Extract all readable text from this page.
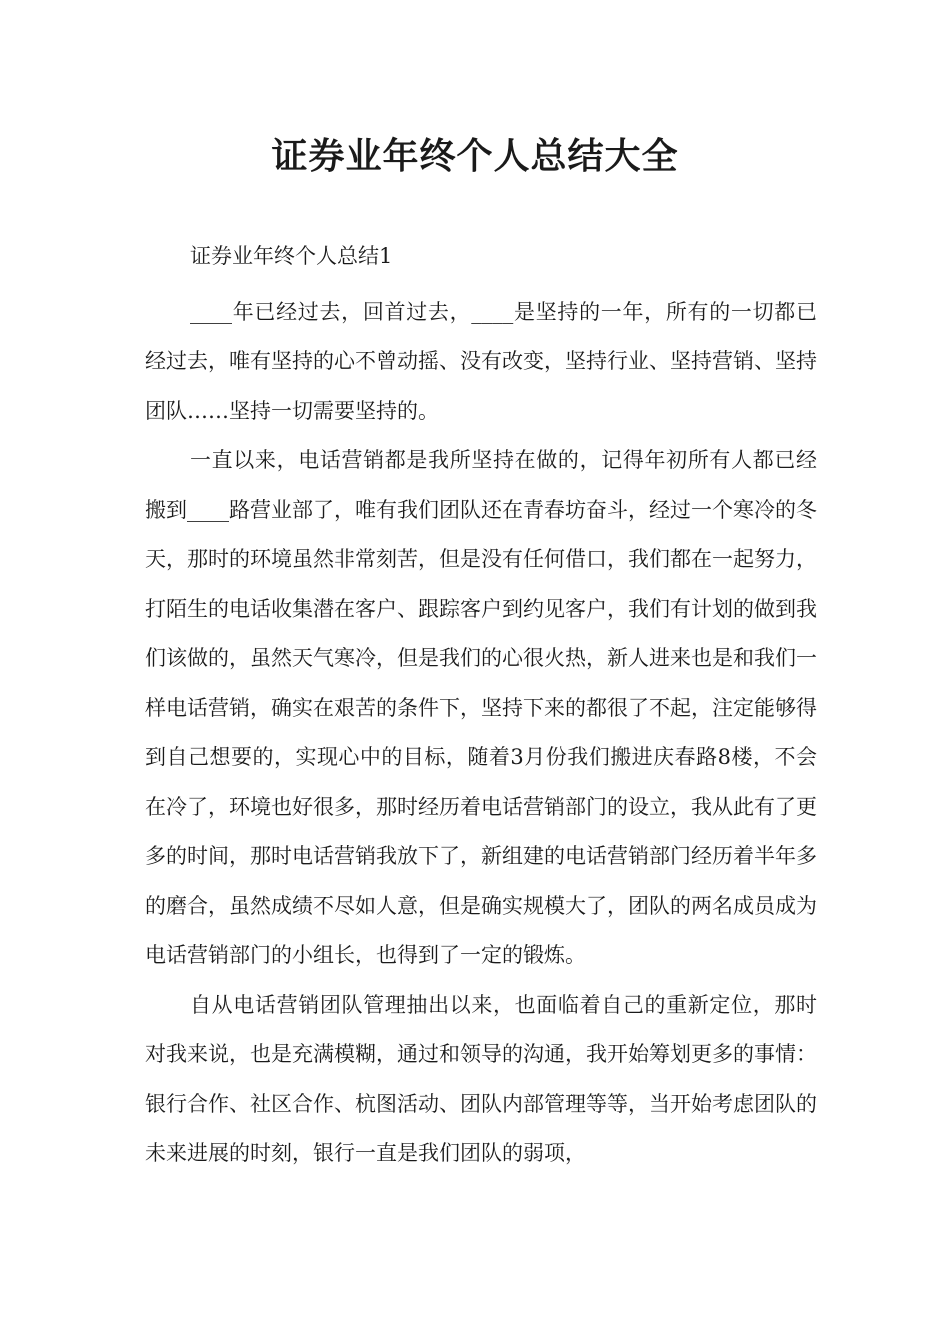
证券业年终个人总结大全

证券业年终个人总结1

____年已经过去，回首过去，____是坚持的一年，所有的一切都已经过去，唯有坚持的心不曾动摇、没有改变，坚持行业、坚持营销、坚持团队……坚持一切需要坚持的。

一直以来，电话营销都是我所坚持在做的，记得年初所有人都已经搬到____路营业部了，唯有我们团队还在青春坊奋斗，经过一个寒冷的冬天，那时的环境虽然非常刻苦，但是没有任何借口，我们都在一起努力，打陌生的电话收集潜在客户、跟踪客户到约见客户，我们有计划的做到我们该做的，虽然天气寒冷，但是我们的心很火热，新人进来也是和我们一样电话营销，确实在艰苦的条件下，坚持下来的都很了不起，注定能够得到自己想要的，实现心中的目标，随着3月份我们搬进庆春路8楼，不会在冷了，环境也好很多，那时经历着电话营销部门的设立，我从此有了更多的时间，那时电话营销我放下了，新组建的电话营销部门经历着半年多的磨合，虽然成绩不尽如人意，但是确实规模大了，团队的两名成员成为电话营销部门的小组长，也得到了一定的锻炼。

自从电话营销团队管理抽出以来，也面临着自己的重新定位，那时对我来说，也是充满模糊，通过和领导的沟通，我开始筹划更多的事情：银行合作、社区合作、杭图活动、团队内部管理等等，当开始考虑团队的未来进展的时刻，银行一直是我们团队的弱项，
